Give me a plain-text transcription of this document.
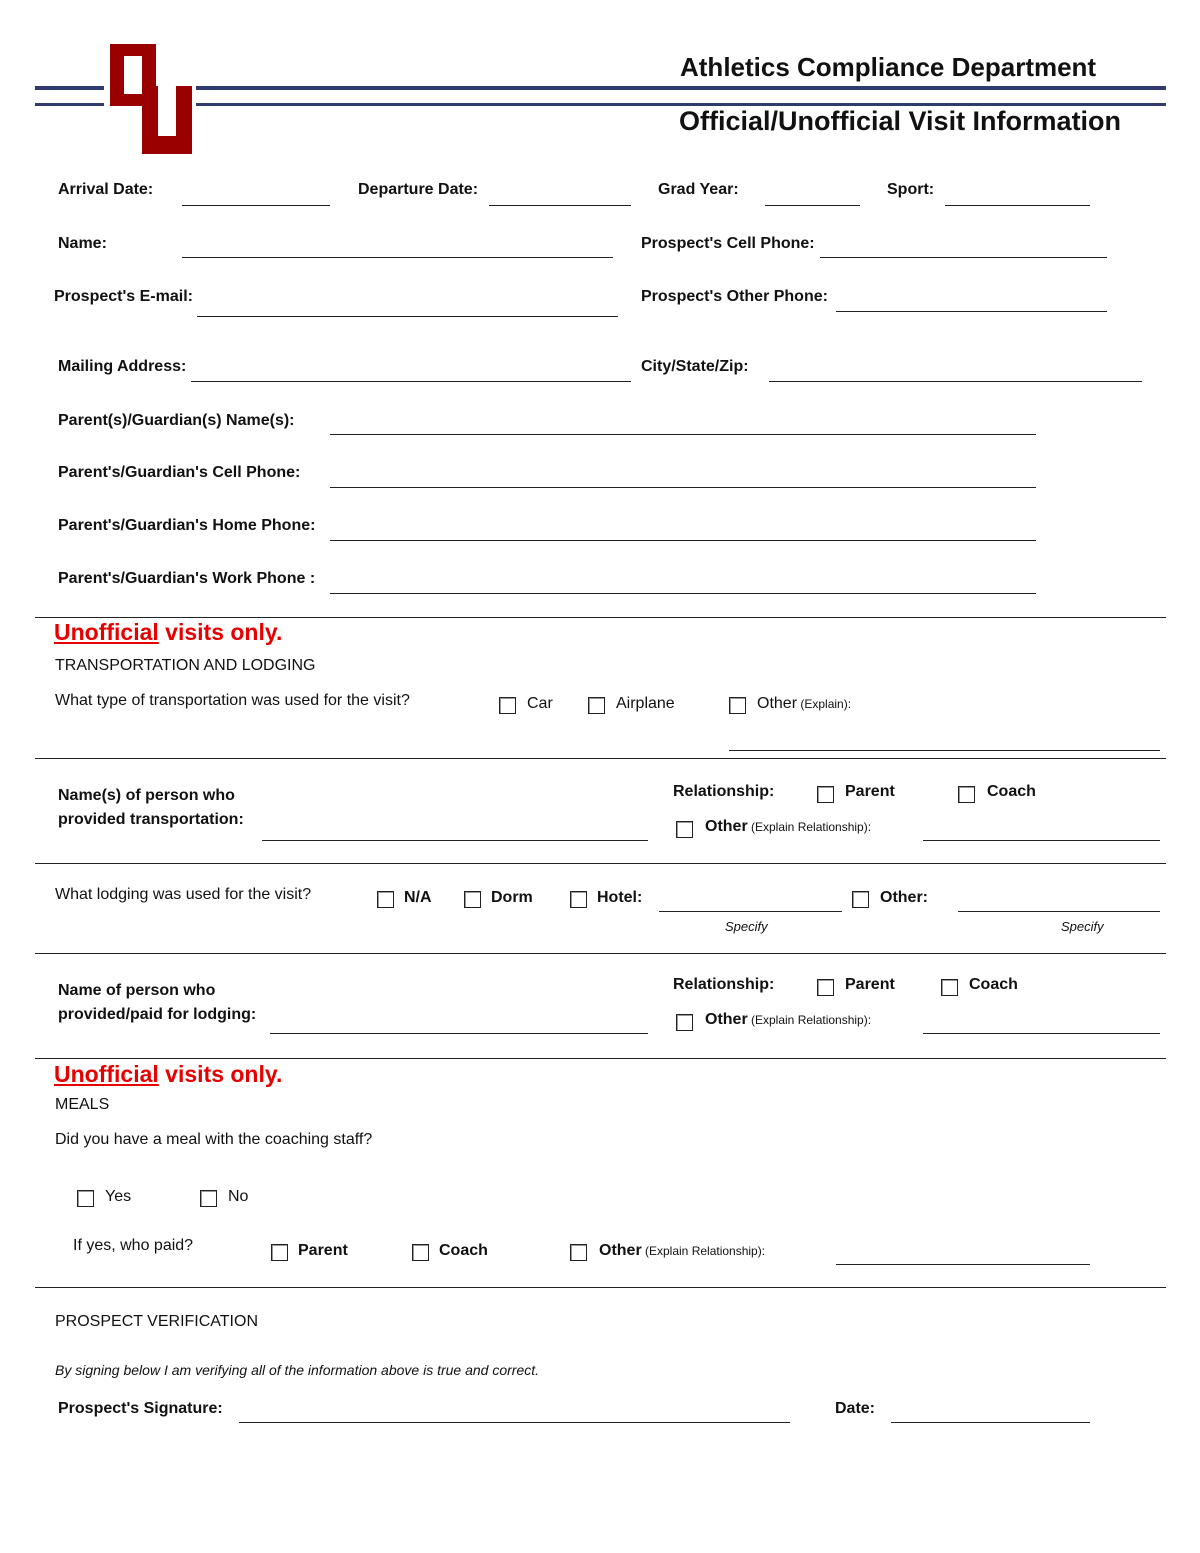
Athletics Compliance Department
Official/Unofficial Visit Information
Arrival Date:	Departure Date:	Grad Year:	Sport:
Name:	Prospect's Cell Phone:
Prospect's E-mail:	Prospect's Other Phone:
Mailing Address:	City/State/Zip:
Parent(s)/Guardian(s) Name(s):
Parent's/Guardian's Cell Phone:
Parent's/Guardian's Home Phone:
Parent's/Guardian's Work Phone :
Unofficial visits only.
TRANSPORTATION AND LODGING
What type of transportation was used for the visit?	Car	Airplane	Other (Explain):
Name(s) of person who
provided transportation:
Relationship:	Parent	Coach
Other (Explain Relationship):
What lodging was used for the visit?	N/A	Dorm	Hotel:
Specify
Other:
Specify
Name of person who
provided/paid for lodging:
Relationship:	Parent	Coach
Other (Explain Relationship):
Unofficial visits only.
MEALS
Did you have a meal with the coaching staff?
Yes	No
If yes, who paid?	Parent	Coach	Other (Explain Relationship):
PROSPECT VERIFICATION
By signing below I am verifying all of the information above is true and correct.
Prospect's Signature:	Date:
